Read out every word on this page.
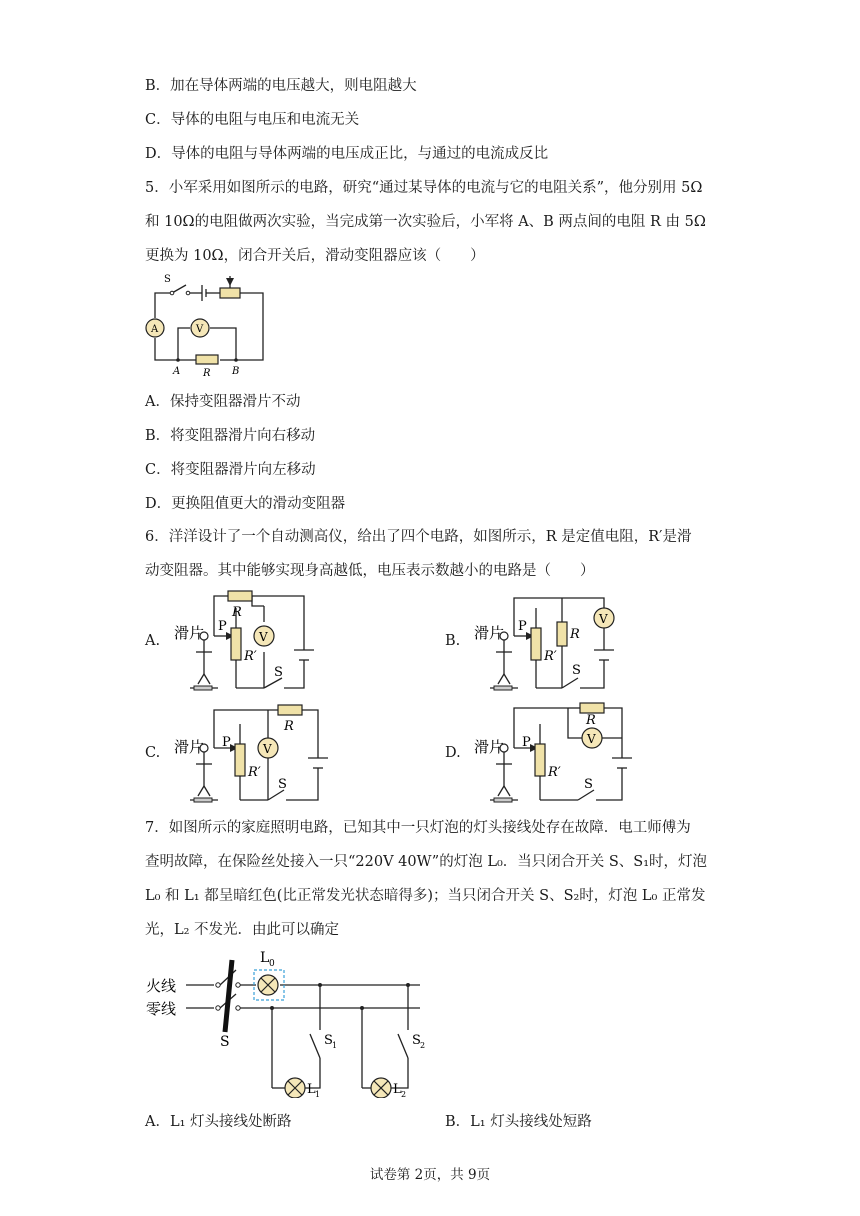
B．加在导体两端的电压越大，则电阻越大
C．导体的电阻与电压和电流无关
D．导体的电阻与导体两端的电压成正比，与通过的电流成反比
5．小军采用如图所示的电路，研究“通过某导体的电流与它的电阻关系”，他分别用 5Ω
和 10Ω的电阻做两次实验，当完成第一次实验后，小军将 A、B 两点间的电阻 R 由 5Ω
更换为 10Ω，闭合开关后，滑动变阻器应该（　　）
S
A	V
A R B
A．保持变阻器滑片不动
B．将变阻器滑片向右移动
C．将变阻器滑片向左移动
D．更换阻值更大的滑动变阻器
6．洋洋设计了一个自动测高仪，给出了四个电路，如图所示，R 是定值电阻，R′是滑
动变阻器。其中能够实现身高越低，电压表示数越小的电路是（　　）
A. 滑片 P
R
R′
V
S
B. 滑片 P
R
R′
V
S
C. 滑片 P
R
R′
V
S
D. 滑片 P
R
R′
V
S
7．如图所示的家庭照明电路，已知其中一只灯泡的灯头接线处存在故障．电工师傅为
查明故障，在保险丝处接入一只“220V 40W”的灯泡 L₀．当只闭合开关 S、S₁时，灯泡
L₀ 和 L₁ 都呈暗红色(比正常发光状态暗得多)；当只闭合开关 S、S₂时，灯泡 L₀ 正常发
光，L₂ 不发光．由此可以确定
火线
零线
S
L 0
S 1	S 2
L 1	L 2
A．L₁ 灯头接线处断路	B．L₁ 灯头接线处短路
试卷第 2页，共 9页
